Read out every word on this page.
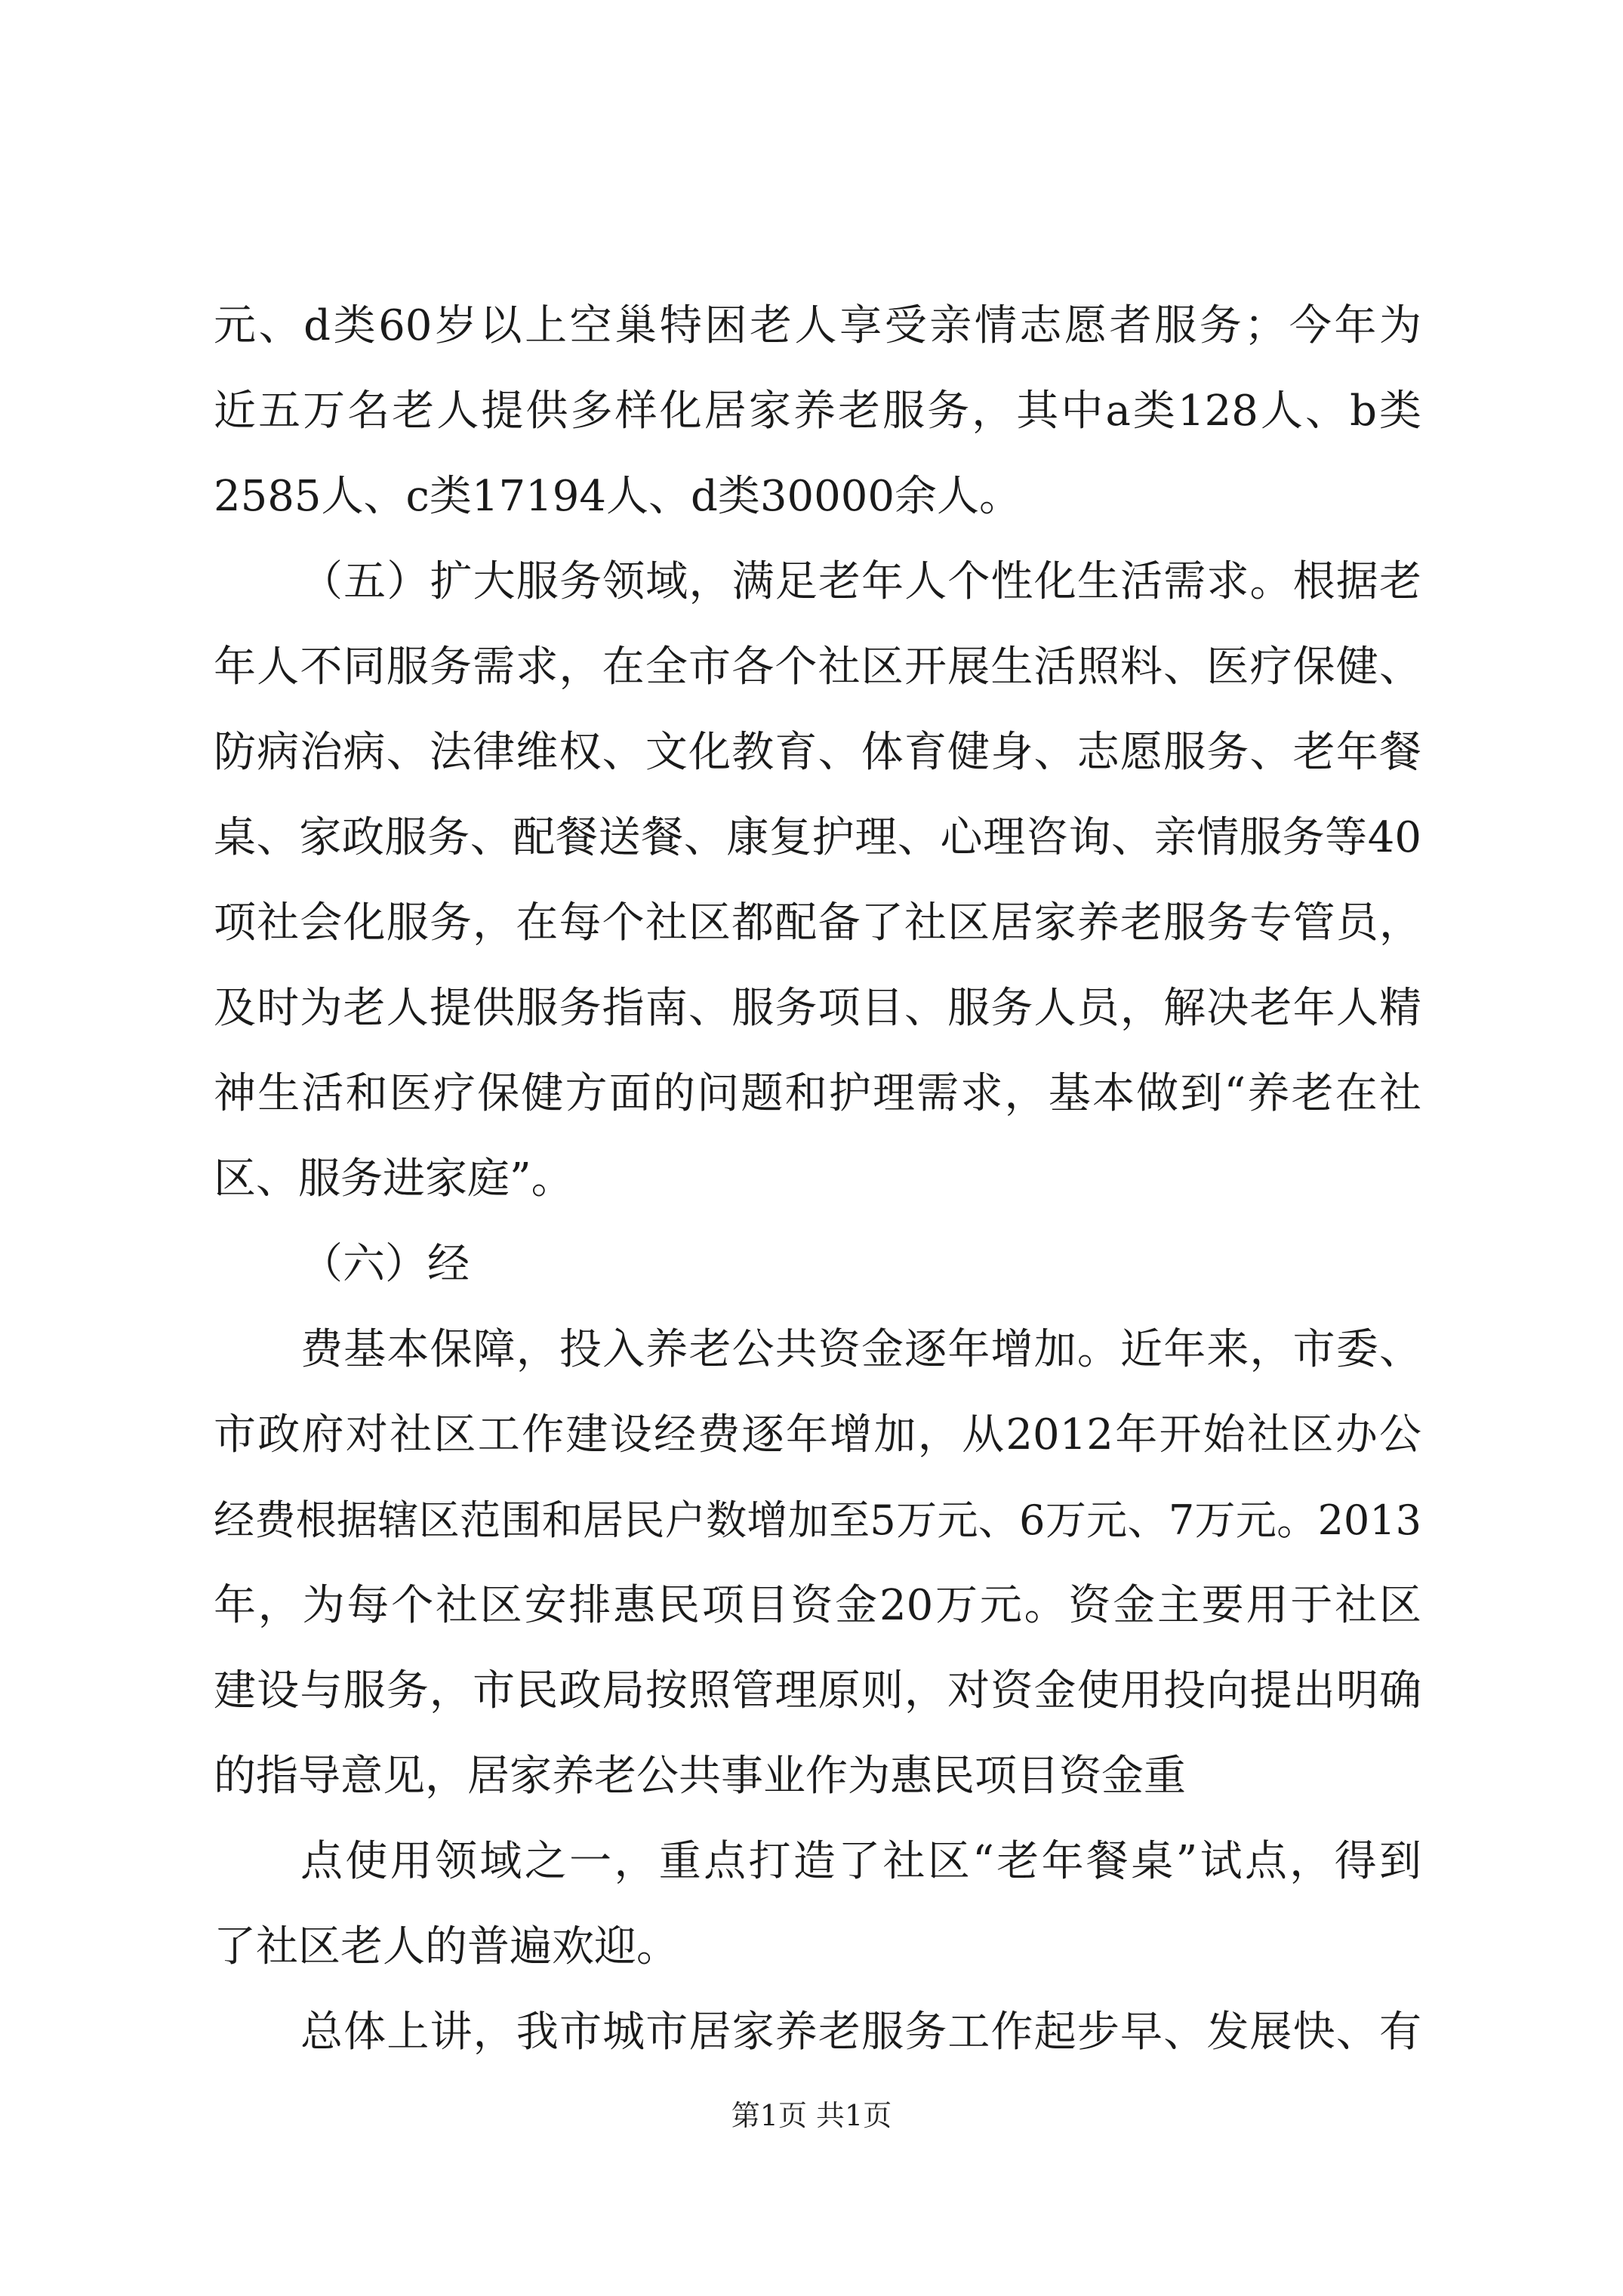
元、d类60岁以上空巢特困老人享受亲情志愿者服务；今年为
近五万名老人提供多样化居家养老服务，其中a类128人、b类
2585人、c类17194人、d类30000余人。
（五）扩大服务领域，满足老年人个性化生活需求。根据老
年人不同服务需求，在全市各个社区开展生活照料、医疗保健、
防病治病、法律维权、文化教育、体育健身、志愿服务、老年餐
桌、家政服务、配餐送餐、康复护理、心理咨询、亲情服务等40
项社会化服务，在每个社区都配备了社区居家养老服务专管员，
及时为老人提供服务指南、服务项目、服务人员，解决老年人精
神生活和医疗保健方面的问题和护理需求，基本做到“养老在社
区、服务进家庭”。
（六）经
费基本保障，投入养老公共资金逐年增加。近年来，市委、
市政府对社区工作建设经费逐年增加，从2012年开始社区办公
经费根据辖区范围和居民户数增加至5万元、6万元、7万元。2013
年，为每个社区安排惠民项目资金20万元。资金主要用于社区
建设与服务，市民政局按照管理原则，对资金使用投向提出明确
的指导意见，居家养老公共事业作为惠民项目资金重
点使用领域之一，重点打造了社区“老年餐桌”试点，得到
了社区老人的普遍欢迎。
总体上讲，我市城市居家养老服务工作起步早、发展快、有
第1页 共1页
